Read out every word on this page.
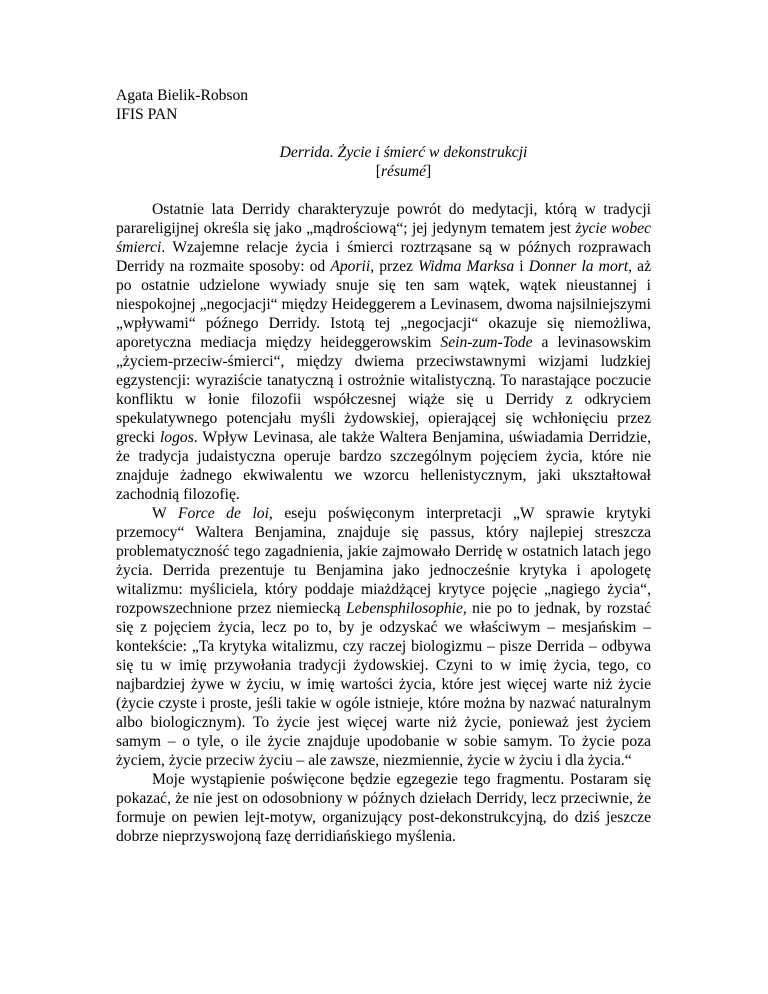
Agata Bielik-Robson
IFIS PAN
Derrida. Życie i śmierć w dekonstrukcji
[résumé]

Ostatnie lata Derridy charakteryzuje powrót do medytacji, którą w tradycji parareligijnej określa się jako „mądrościową“; jej jedynym tematem jest życie wobec śmierci. Wzajemne relacje życia i śmierci roztrząsane są w późnych rozprawach Derridy na rozmaite sposoby: od Aporii, przez Widma Marksa i Donner la mort, aż po ostatnie udzielone wywiady snuje się ten sam wątek, wątek nieustannej i niespokojnej „negocjacji“ między Heideggerem a Levinasem, dwoma najsilniejszymi „wpływami“ późnego Derridy. Istotą tej „negocjacji“ okazuje się niemożliwa, aporetyczna mediacja między heideggerowskim Sein-zum-Tode a levinasowskim „życiem-przeciw-śmierci“, między dwiema przeciwstawnymi wizjami ludzkiej egzystencji: wyraziście tanatyczną i ostrożnie witalistyczną. To narastające poczucie konfliktu w łonie filozofii współczesnej wiąże się u Derridy z odkryciem spekulatywnego potencjału myśli żydowskiej, opierającej się wchłonięciu przez grecki logos. Wpływ Levinasa, ale także Waltera Benjamina, uświadamia Derridzie, że tradycja judaistyczna operuje bardzo szczególnym pojęciem życia, które nie znajduje żadnego ekwiwalentu we wzorcu hellenistycznym, jaki ukształtował zachodnią filozofię.

W Force de loi, eseju poświęconym interpretacji „W sprawie krytyki przemocy“ Waltera Benjamina, znajduje się passus, który najlepiej streszcza problematyczność tego zagadnienia, jakie zajmowało Derridę w ostatnich latach jego życia. Derrida prezentuje tu Benjamina jako jednocześnie krytyka i apologetę witalizmu: myśliciela, który poddaje miażdżącej krytyce pojęcie „nagiego życia“, rozpowszechnione przez niemiecką Lebensphilosophie, nie po to jednak, by rozstać się z pojęciem życia, lecz po to, by je odzyskać we właściwym – mesjańskim – kontekście: „Ta krytyka witalizmu, czy raczej biologizmu – pisze Derrida – odbywa się tu w imię przywołania tradycji żydowskiej. Czyni to w imię życia, tego, co najbardziej żywe w życiu, w imię wartości życia, które jest więcej warte niż życie (życie czyste i proste, jeśli takie w ogóle istnieje, które można by nazwać naturalnym albo biologicznym). To życie jest więcej warte niż życie, ponieważ jest życiem samym – o tyle, o ile życie znajduje upodobanie w sobie samym. To życie poza życiem, życie przeciw życiu – ale zawsze, niezmiennie, życie w życiu i dla życia.“

Moje wystąpienie poświęcone będzie egzegezie tego fragmentu. Postaram się pokazać, że nie jest on odosobniony w późnych dziełach Derridy, lecz przeciwnie, że formuje on pewien lejt-motyw, organizujący post-dekonstrukcyjną, do dziś jeszcze dobrze nieprzyswojoną fazę derridiańskiego myślenia.
